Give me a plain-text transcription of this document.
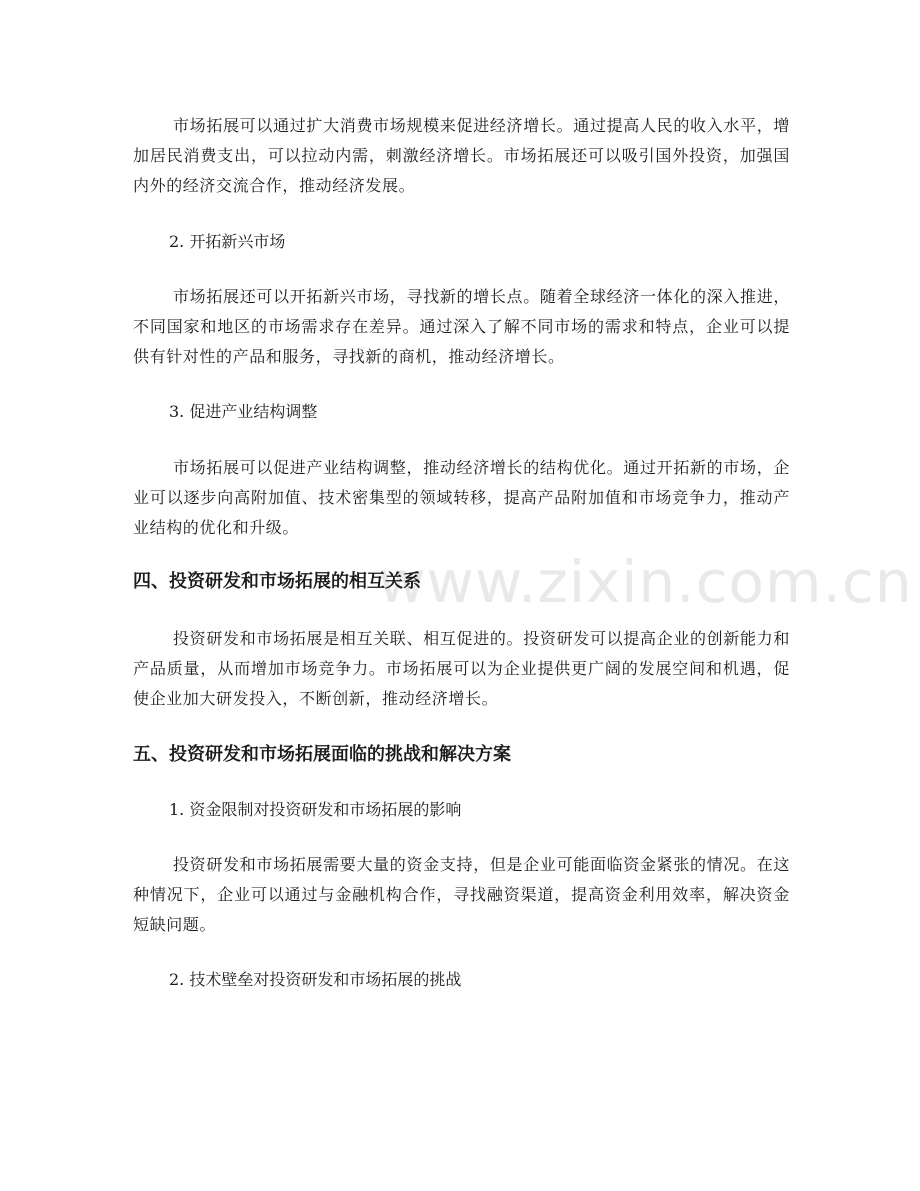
www.zixin.com.cn

市场拓展可以通过扩大消费市场规模来促进经济增长。通过提高人民的收入水平，增加居民消费支出，可以拉动内需，刺激经济增长。市场拓展还可以吸引国外投资，加强国内外的经济交流合作，推动经济发展。

2. 开拓新兴市场

市场拓展还可以开拓新兴市场，寻找新的增长点。随着全球经济一体化的深入推进，不同国家和地区的市场需求存在差异。通过深入了解不同市场的需求和特点，企业可以提供有针对性的产品和服务，寻找新的商机，推动经济增长。

3. 促进产业结构调整

市场拓展可以促进产业结构调整，推动经济增长的结构优化。通过开拓新的市场，企业可以逐步向高附加值、技术密集型的领域转移，提高产品附加值和市场竞争力，推动产业结构的优化和升级。

四、投资研发和市场拓展的相互关系

投资研发和市场拓展是相互关联、相互促进的。投资研发可以提高企业的创新能力和产品质量，从而增加市场竞争力。市场拓展可以为企业提供更广阔的发展空间和机遇，促使企业加大研发投入，不断创新，推动经济增长。

五、投资研发和市场拓展面临的挑战和解决方案

1. 资金限制对投资研发和市场拓展的影响

投资研发和市场拓展需要大量的资金支持，但是企业可能面临资金紧张的情况。在这种情况下，企业可以通过与金融机构合作，寻找融资渠道，提高资金利用效率，解决资金短缺问题。

2. 技术壁垒对投资研发和市场拓展的挑战
